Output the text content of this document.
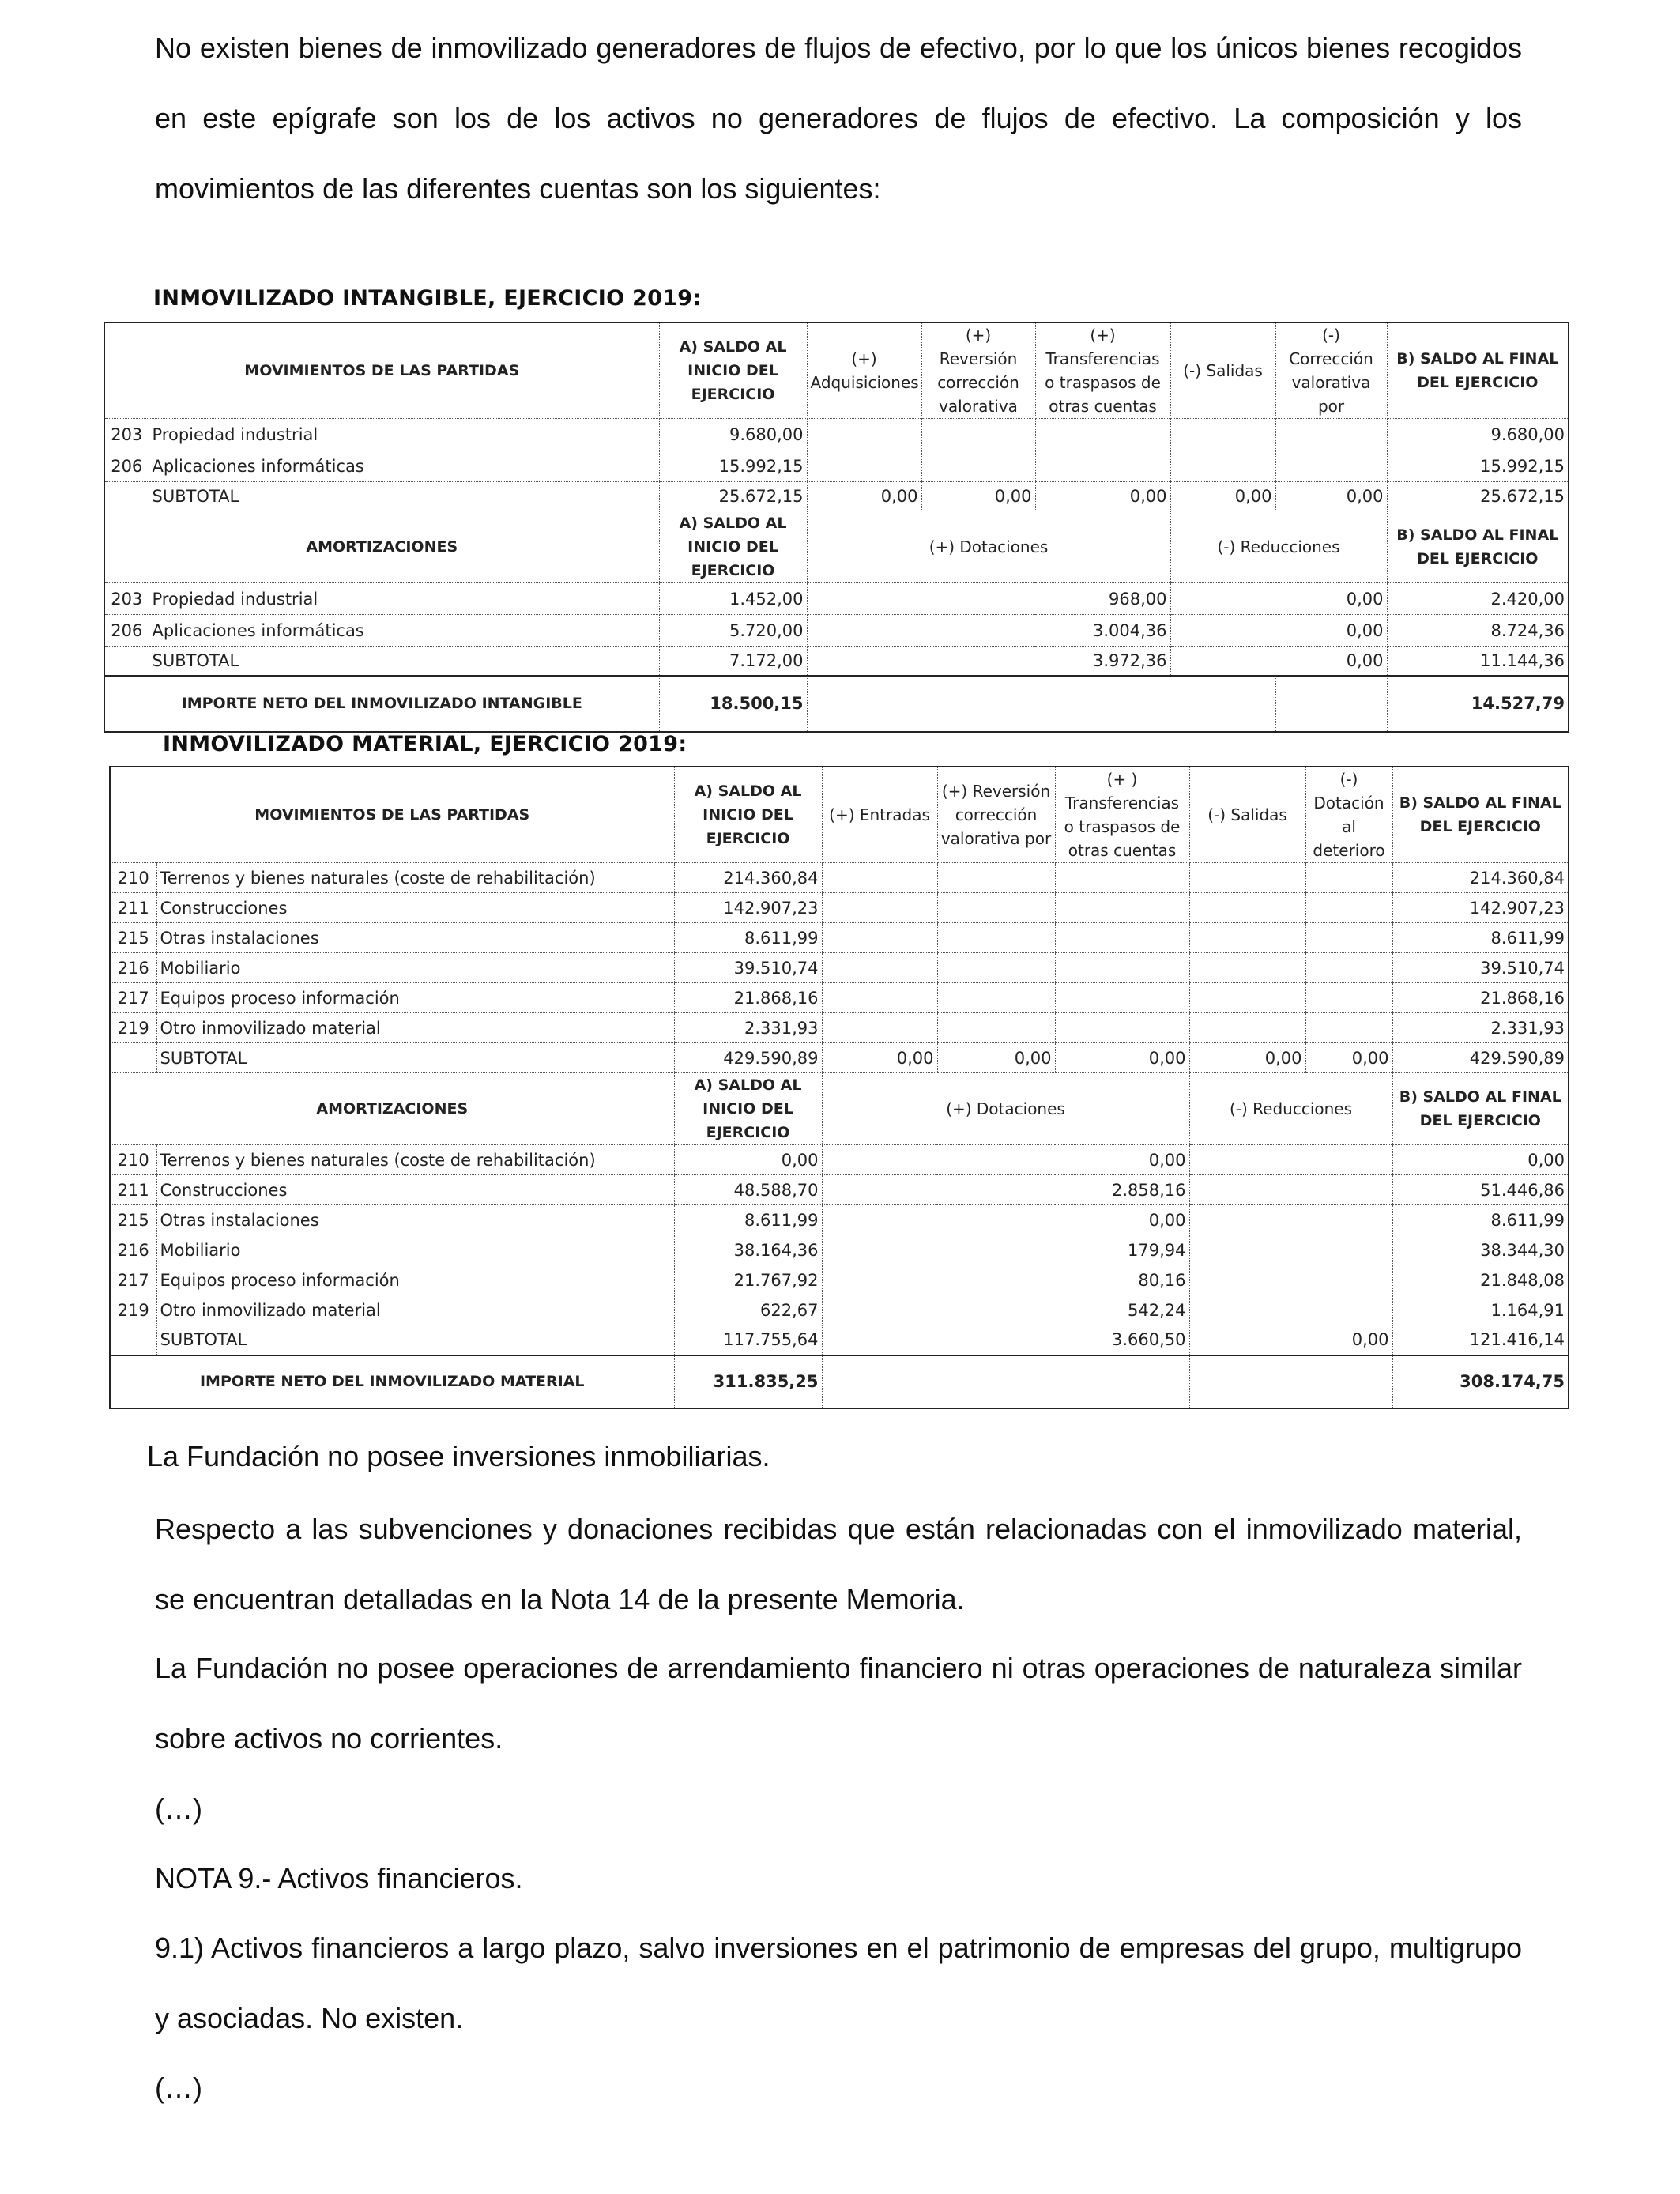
No existen bienes de inmovilizado generadores de flujos de efectivo, por lo que los únicos bienes recogidos en este epígrafe son los de los activos no generadores de flujos de efectivo. La composición y los movimientos de las diferentes cuentas son los siguientes:
INMOVILIZADO INTANGIBLE, EJERCICIO 2019:
MOVIMIENTOS DE LAS PARTIDAS		A) SALDO AL INICIO DEL EJERCICIO	(+) Adquisiciones	(+) Reversión corrección valorativa	(+) Transferencias o traspasos de otras cuentas	(-) Salidas	(-) Corrección valorativa por	B) SALDO AL FINAL DEL EJERCICIO
203	Propiedad industrial	9.680,00						9.680,00
206	Aplicaciones informáticas	15.992,15						15.992,15
	SUBTOTAL	25.672,15	0,00	0,00	0,00	0,00	0,00	25.672,15
AMORTIZACIONES		A) SALDO AL INICIO DEL EJERCICIO	(+) Dotaciones			(-) Reducciones		B) SALDO AL FINAL DEL EJERCICIO
203	Propiedad industrial	1.452,00	968,00			0,00		2.420,00
206	Aplicaciones informáticas	5.720,00	3.004,36			0,00		8.724,36
	SUBTOTAL	7.172,00	3.972,36			0,00		11.144,36
IMPORTE NETO DEL INMOVILIZADO INTANGIBLE		18.500,15						14.527,79
INMOVILIZADO MATERIAL, EJERCICIO 2019:
MOVIMIENTOS DE LAS PARTIDAS		A) SALDO AL INICIO DEL EJERCICIO	(+) Entradas	(+) Reversión corrección valorativa por	(+ ) Transferencias o traspasos de otras cuentas	(-) Salidas	(-) Dotación al deterioro	B) SALDO AL FINAL DEL EJERCICIO
210	Terrenos y bienes naturales (coste de rehabilitación)	214.360,84						214.360,84
211	Construcciones	142.907,23						142.907,23
215	Otras instalaciones	8.611,99						8.611,99
216	Mobiliario	39.510,74						39.510,74
217	Equipos proceso información	21.868,16						21.868,16
219	Otro inmovilizado material	2.331,93						2.331,93
	SUBTOTAL	429.590,89	0,00	0,00	0,00	0,00	0,00	429.590,89
AMORTIZACIONES		A) SALDO AL INICIO DEL EJERCICIO	(+) Dotaciones			(-) Reducciones		B) SALDO AL FINAL DEL EJERCICIO
210	Terrenos y bienes naturales (coste de rehabilitación)	0,00	0,00					0,00
211	Construcciones	48.588,70	2.858,16					51.446,86
215	Otras instalaciones	8.611,99	0,00					8.611,99
216	Mobiliario	38.164,36	179,94					38.344,30
217	Equipos proceso información	21.767,92	80,16					21.848,08
219	Otro inmovilizado material	622,67	542,24					1.164,91
	SUBTOTAL	117.755,64	3.660,50			0,00		121.416,14
IMPORTE NETO DEL INMOVILIZADO MATERIAL		311.835,25						308.174,75
La Fundación no posee inversiones inmobiliarias.
Respecto a las subvenciones y donaciones recibidas que están relacionadas con el inmovilizado material, se encuentran detalladas en la Nota 14 de la presente Memoria.
La Fundación no posee operaciones de arrendamiento financiero ni otras operaciones de naturaleza similar sobre activos no corrientes.
(…)
NOTA 9.- Activos financieros.
9.1) Activos financieros a largo plazo, salvo inversiones en el patrimonio de empresas del grupo, multigrupo y asociadas. No existen.
(…)
